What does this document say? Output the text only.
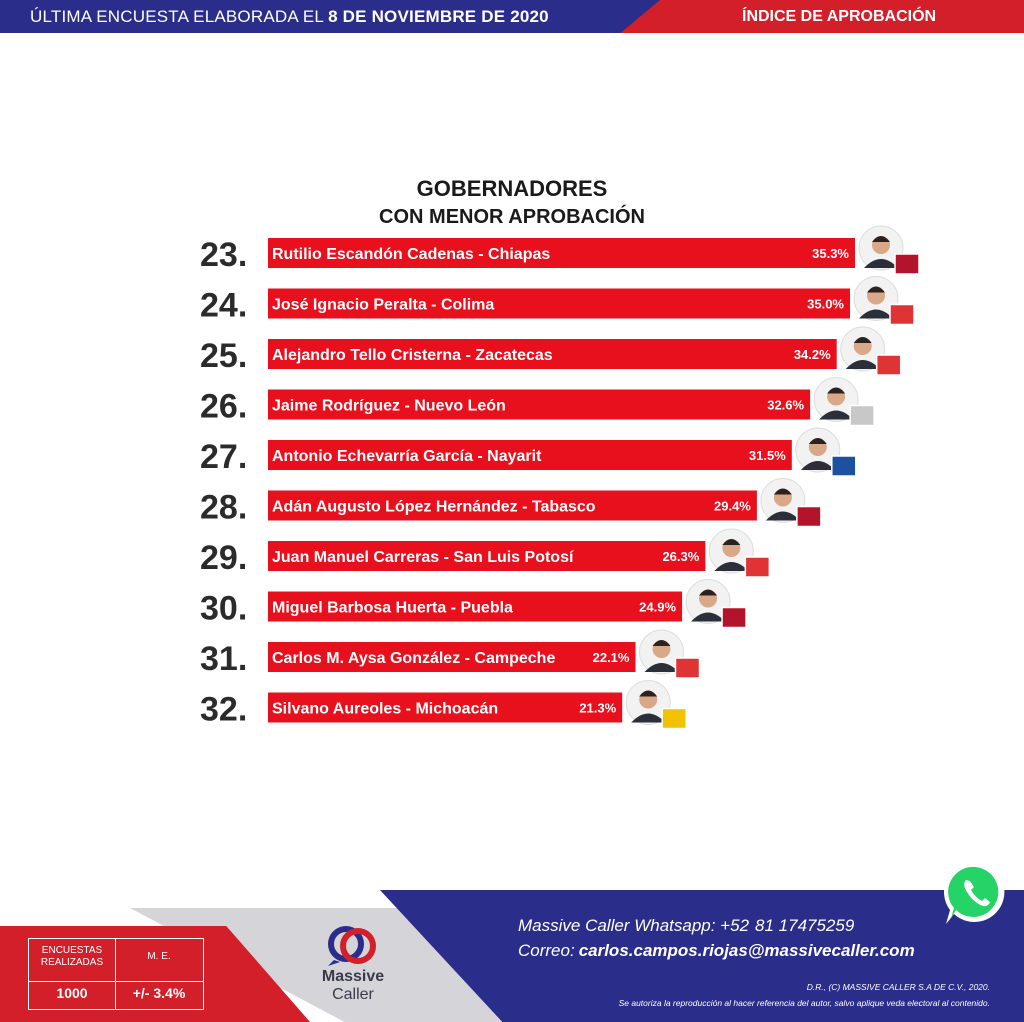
ÚLTIMA ENCUESTA ELABORADA EL 8 DE NOVIEMBRE DE 2020	ÍNDICE DE APROBACIÓN
GOBERNADORES
CON MENOR APROBACIÓN
23. Rutilio Escandón Cadenas - Chiapas	35.3%
24. José Ignacio Peralta - Colima	35.0%
25. Alejandro Tello Cristerna - Zacatecas	34.2%
26. Jaime Rodríguez - Nuevo León	32.6%
27. Antonio Echevarría García - Nayarit	31.5%
28. Adán Augusto López Hernández - Tabasco	29.4%
29. Juan Manuel Carreras - San Luis Potosí	26.3%
30. Miguel Barbosa Huerta - Puebla	24.9%
31. Carlos M. Aysa González - Campeche	22.1%
32. Silvano Aureoles - Michoacán	21.3%
ENCUESTAS REALIZADAS
M. E.
1000	+/- 3.4%
Massive
Caller
Massive Caller Whatsapp: +52 81 17475259
Correo: carlos.campos.riojas@massivecaller.com
D.R., (C) MASSIVE CALLER S.A DE C.V., 2020.
Se autoriza la reproducción al hacer referencia del autor, salvo aplique veda electoral al contenido.
